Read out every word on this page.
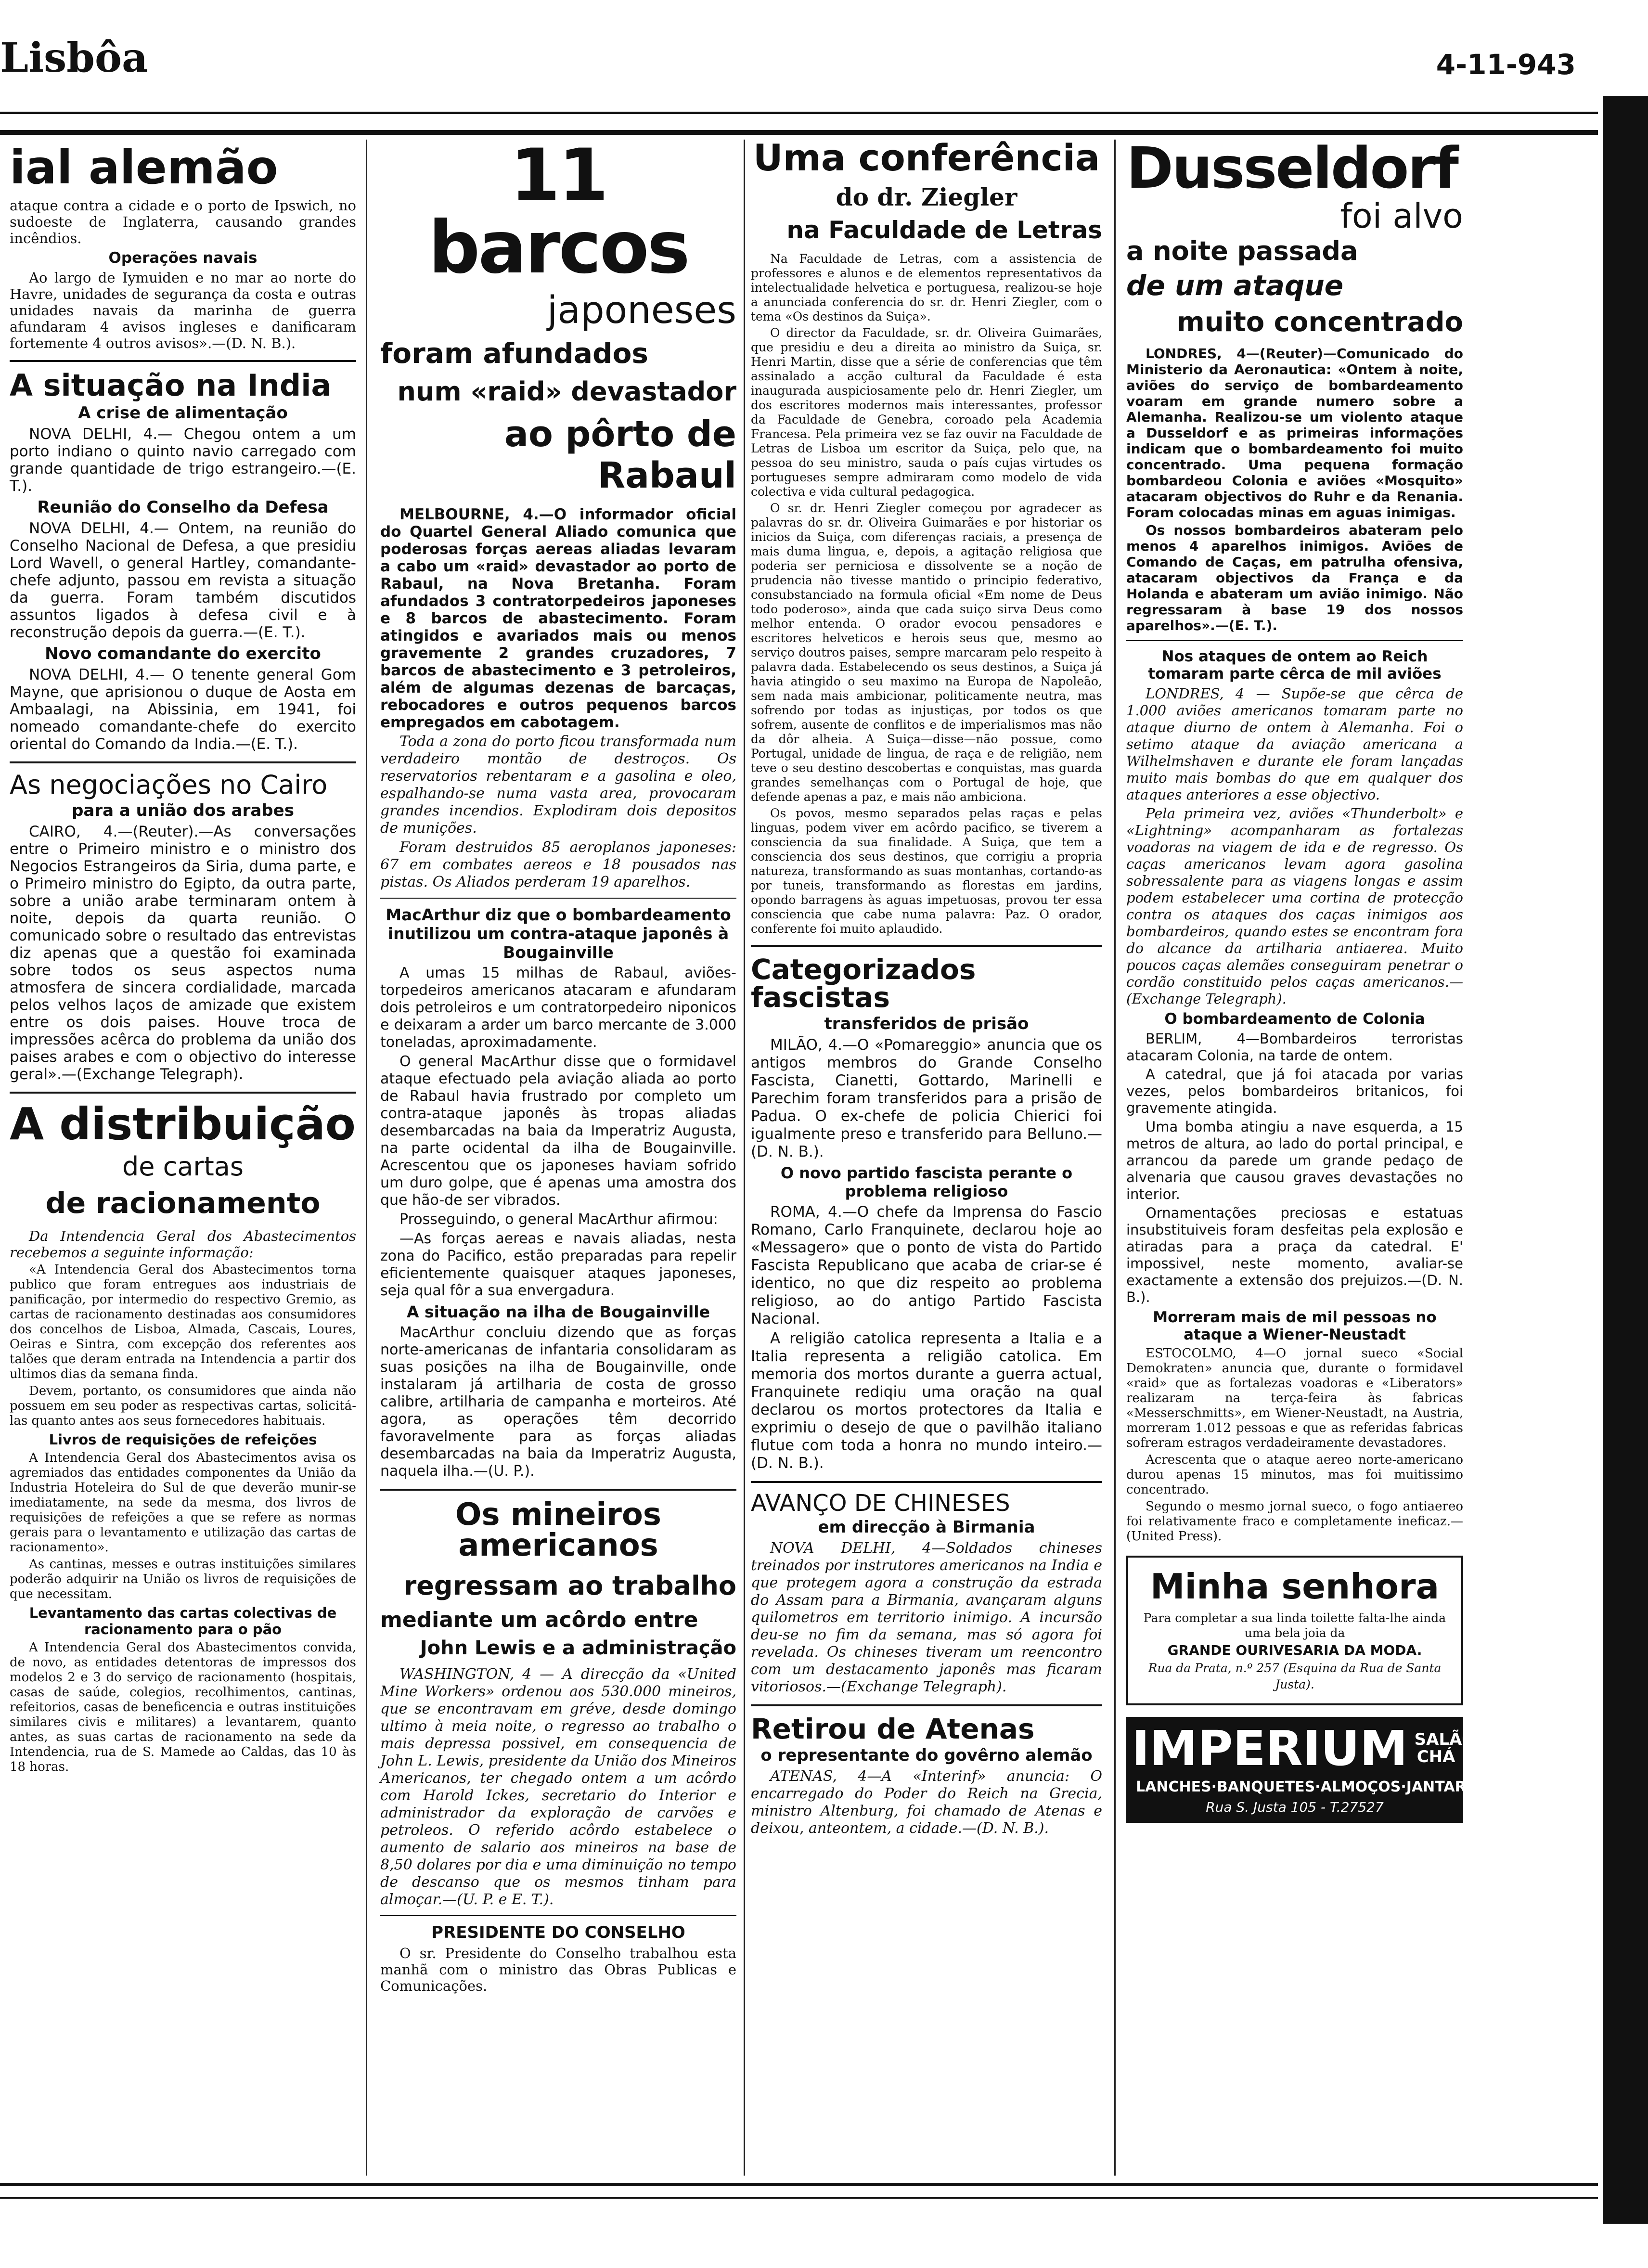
Lisbôa	4-11-943
ial alemão

ataque contra a cidade e o porto de Ipswich, no sudoeste de Inglaterra, causando grandes incêndios.

Operações navais

Ao largo de Iymuiden e no mar ao norte do Havre, unidades de segurança da costa e outras unidades navais da marinha de guerra afundaram 4 avisos ingleses e danificaram fortemente 4 outros avisos».—(D. N. B.).

A situação na India
A crise de alimentação

NOVA DELHI, 4.— Chegou ontem a um porto indiano o quinto navio carregado com grande quantidade de trigo estrangeiro.—(E. T.).

Reunião do Conselho da Defesa

NOVA DELHI, 4.— Ontem, na reunião do Conselho Nacional de Defesa, a que presidiu Lord Wavell, o general Hartley, comandante-chefe adjunto, passou em revista a situação da guerra. Foram também discutidos assuntos ligados à defesa civil e à reconstrução depois da guerra.—(E. T.).

Novo comandante do exercito

NOVA DELHI, 4.— O tenente general Gom Mayne, que aprisionou o duque de Aosta em Ambaalagi, na Abissinia, em 1941, foi nomeado comandante-chefe do exercito oriental do Comando da India.—(E. T.).

As negociações no Cairo
para a união dos arabes

CAIRO, 4.—(Reuter).—As conversações entre o Primeiro ministro e o ministro dos Negocios Estrangeiros da Siria, duma parte, e o Primeiro ministro do Egipto, da outra parte, sobre a união arabe terminaram ontem à noite, depois da quarta reunião. O comunicado sobre o resultado das entrevistas diz apenas que a questão foi examinada sobre todos os seus aspectos numa atmosfera de sincera cordialidade, marcada pelos velhos laços de amizade que existem entre os dois paises. Houve troca de impressões acêrca do problema da união dos paises arabes e com o objectivo do interesse geral».—(Exchange Telegraph).

A distribuição
de cartas
de racionamento

Da Intendencia Geral dos Abastecimentos recebemos a seguinte informação:

«A Intendencia Geral dos Abastecimentos torna publico que foram entregues aos industriais de panificação, por intermedio do respectivo Gremio, as cartas de racionamento destinadas aos consumidores dos concelhos de Lisboa, Almada, Cascais, Loures, Oeiras e Sintra, com excepção dos referentes aos talões que deram entrada na Intendencia a partir dos ultimos dias da semana finda.

Devem, portanto, os consumidores que ainda não possuem em seu poder as respectivas cartas, solicitá-las quanto antes aos seus fornecedores habituais.

Livros de requisições de refeições

A Intendencia Geral dos Abastecimentos avisa os agremiados das entidades componentes da União da Industria Hoteleira do Sul de que deverão munir-se imediatamente, na sede da mesma, dos livros de requisições de refeições a que se refere as normas gerais para o levantamento e utilização das cartas de racionamento».

As cantinas, messes e outras instituições similares poderão adquirir na União os livros de requisições de que necessitam.

Levantamento das cartas colectivas de racionamento para o pão

A Intendencia Geral dos Abastecimentos convida, de novo, as entidades detentoras de impressos dos modelos 2 e 3 do serviço de racionamento (hospitais, casas de saúde, colegios, recolhimentos, cantinas, refeitorios, casas de beneficencia e outras instituições similares civis e militares) a levantarem, quanto antes, as suas cartas de racionamento na sede da Intendencia, rua de S. Mamede ao Caldas, das 10 às 18 horas.

11 barcos
japoneses
foram afundados
num «raid» devastador
ao pôrto de Rabaul

MELBOURNE, 4.—O informador oficial do Quartel General Aliado comunica que poderosas forças aereas aliadas levaram a cabo um «raid» devastador ao porto de Rabaul, na Nova Bretanha. Foram afundados 3 contratorpedeiros japoneses e 8 barcos de abastecimento. Foram atingidos e avariados mais ou menos gravemente 2 grandes cruzadores, 7 barcos de abastecimento e 3 petroleiros, além de algumas dezenas de barcaças, rebocadores e outros pequenos barcos empregados em cabotagem.

Toda a zona do porto ficou transformada num verdadeiro montão de destroços. Os reservatorios rebentaram e a gasolina e oleo, espalhando-se numa vasta area, provocaram grandes incendios. Explodiram dois depositos de munições.

Foram destruidos 85 aeroplanos japoneses: 67 em combates aereos e 18 pousados nas pistas. Os Aliados perderam 19 aparelhos.

MacArthur diz que o bombardeamento inutilizou um contra-ataque japonês à Bougainville

A umas 15 milhas de Rabaul, aviões-torpedeiros americanos atacaram e afundaram dois petroleiros e um contratorpedeiro niponicos e deixaram a arder um barco mercante de 3.000 toneladas, aproximadamente.

O general MacArthur disse que o formidavel ataque efectuado pela aviação aliada ao porto de Rabaul havia frustrado por completo um contra-ataque japonês às tropas aliadas desembarcadas na baia da Imperatriz Augusta, na parte ocidental da ilha de Bougainville. Acrescentou que os japoneses haviam sofrido um duro golpe, que é apenas uma amostra dos que hão-de ser vibrados.

Prosseguindo, o general MacArthur afirmou:

—As forças aereas e navais aliadas, nesta zona do Pacifico, estão preparadas para repelir eficientemente quaisquer ataques japoneses, seja qual fôr a sua envergadura.

A situação na ilha de Bougainville

MacArthur concluiu dizendo que as forças norte-americanas de infantaria consolidaram as suas posições na ilha de Bougainville, onde instalaram já artilharia de costa de grosso calibre, artilharia de campanha e morteiros. Até agora, as operações têm decorrido favoravelmente para as forças aliadas desembarcadas na baia da Imperatriz Augusta, naquela ilha.—(U. P.).

Os mineiros americanos
regressam ao trabalho
mediante um acôrdo entre
John Lewis e a administração

WASHINGTON, 4 — A direcção da «United Mine Workers» ordenou aos 530.000 mineiros, que se encontravam em gréve, desde domingo ultimo à meia noite, o regresso ao trabalho o mais depressa possivel, em consequencia de John L. Lewis, presidente da União dos Mineiros Americanos, ter chegado ontem a um acôrdo com Harold Ickes, secretario do Interior e administrador da exploração de carvões e petroleos. O referido acôrdo estabelece o aumento de salario aos mineiros na base de 8,50 dolares por dia e uma diminuição no tempo de descanso que os mesmos tinham para almoçar.—(U. P. e E. T.).

PRESIDENTE DO CONSELHO

O sr. Presidente do Conselho trabalhou esta manhã com o ministro das Obras Publicas e Comunicações.

Uma conferência
do dr. Ziegler
na Faculdade de Letras

Na Faculdade de Letras, com a assistencia de professores e alunos e de elementos representativos da intelectualidade helvetica e portuguesa, realizou-se hoje a anunciada conferencia do sr. dr. Henri Ziegler, com o tema «Os destinos da Suiça».

O director da Faculdade, sr. dr. Oliveira Guimarães, que presidiu e deu a direita ao ministro da Suiça, sr. Henri Martin, disse que a série de conferencias que têm assinalado a acção cultural da Faculdade é esta inaugurada auspiciosamente pelo dr. Henri Ziegler, um dos escritores modernos mais interessantes, professor da Faculdade de Genebra, coroado pela Academia Francesa. Pela primeira vez se faz ouvir na Faculdade de Letras de Lisboa um escritor da Suiça, pelo que, na pessoa do seu ministro, sauda o país cujas virtudes os portugueses sempre admiraram como modelo de vida colectiva e vida cultural pedagogica.

O sr. dr. Henri Ziegler começou por agradecer as palavras do sr. dr. Oliveira Guimarães e por historiar os inicios da Suiça, com diferenças raciais, a presença de mais duma lingua, e, depois, a agitação religiosa que poderia ser perniciosa e dissolvente se a noção de prudencia não tivesse mantido o principio federativo, consubstanciado na formula oficial «Em nome de Deus todo poderoso», ainda que cada suiço sirva Deus como melhor entenda. O orador evocou pensadores e escritores helveticos e herois seus que, mesmo ao serviço doutros paises, sempre marcaram pelo respeito à palavra dada. Estabelecendo os seus destinos, a Suiça já havia atingido o seu maximo na Europa de Napoleão, sem nada mais ambicionar, politicamente neutra, mas sofrendo por todas as injustiças, por todos os que sofrem, ausente de conflitos e de imperialismos mas não da dôr alheia. A Suiça—disse—não possue, como Portugal, unidade de lingua, de raça e de religião, nem teve o seu destino descobertas e conquistas, mas guarda grandes semelhanças com o Portugal de hoje, que defende apenas a paz, e mais não ambiciona.

Os povos, mesmo separados pelas raças e pelas linguas, podem viver em acôrdo pacifico, se tiverem a consciencia da sua finalidade. A Suiça, que tem a consciencia dos seus destinos, que corrigiu a propria natureza, transformando as suas montanhas, cortando-as por tuneis, transformando as florestas em jardins, opondo barragens às aguas impetuosas, provou ter essa consciencia que cabe numa palavra: Paz. O orador, conferente foi muito aplaudido.

Categorizados fascistas
transferidos de prisão

MILÃO, 4.—O «Pomareggio» anuncia que os antigos membros do Grande Conselho Fascista, Cianetti, Gottardo, Marinelli e Parechim foram transferidos para a prisão de Padua. O ex-chefe de policia Chierici foi igualmente preso e transferido para Belluno.—(D. N. B.).

O novo partido fascista perante o problema religioso

ROMA, 4.—O chefe da Imprensa do Fascio Romano, Carlo Franquinete, declarou hoje ao «Messagero» que o ponto de vista do Partido Fascista Republicano que acaba de criar-se é identico, no que diz respeito ao problema religioso, ao do antigo Partido Fascista Nacional.

A religião catolica representa a Italia e a Italia representa a religião catolica. Em memoria dos mortos durante a guerra actual, Franquinete rediqiu uma oração na qual declarou os mortos protectores da Italia e exprimiu o desejo de que o pavilhão italiano flutue com toda a honra no mundo inteiro.—(D. N. B.).

AVANÇO DE CHINESES
em direcção à Birmania

NOVA DELHI, 4—Soldados chineses treinados por instrutores americanos na India e que protegem agora a construção da estrada do Assam para a Birmania, avançaram alguns quilometros em territorio inimigo. A incursão deu-se no fim da semana, mas só agora foi revelada. Os chineses tiveram um reencontro com um destacamento japonês mas ficaram vitoriosos.—(Exchange Telegraph).

Retirou de Atenas
o representante do govêrno alemão

ATENAS, 4—A «Interinf» anuncia: O encarregado do Poder do Reich na Grecia, ministro Altenburg, foi chamado de Atenas e deixou, anteontem, a cidade.—(D. N. B.).

Dusseldorf
foi alvo
a noite passada
de um ataque
muito concentrado

LONDRES, 4—(Reuter)—Comunicado do Ministerio da Aeronautica: «Ontem à noite, aviões do serviço de bombardeamento voaram em grande numero sobre a Alemanha. Realizou-se um violento ataque a Dusseldorf e as primeiras informações indicam que o bombardeamento foi muito concentrado. Uma pequena formação bombardeou Colonia e aviões «Mosquito» atacaram objectivos do Ruhr e da Renania. Foram colocadas minas em aguas inimigas.

Os nossos bombardeiros abateram pelo menos 4 aparelhos inimigos. Aviões de Comando de Caças, em patrulha ofensiva, atacaram objectivos da França e da Holanda e abateram um avião inimigo. Não regressaram à base 19 dos nossos aparelhos».—(E. T.).

Nos ataques de ontem ao Reich tomaram parte cêrca de mil aviões

LONDRES, 4 — Supõe-se que cêrca de 1.000 aviões americanos tomaram parte no ataque diurno de ontem à Alemanha. Foi o setimo ataque da aviação americana a Wilhelmshaven e durante ele foram lançadas muito mais bombas do que em qualquer dos ataques anteriores a esse objectivo.

Pela primeira vez, aviões «Thunderbolt» e «Lightning» acompanharam as fortalezas voadoras na viagem de ida e de regresso. Os caças americanos levam agora gasolina sobressalente para as viagens longas e assim podem estabelecer uma cortina de protecção contra os ataques dos caças inimigos aos bombardeiros, quando estes se encontram fora do alcance da artilharia antiaerea. Muito poucos caças alemães conseguiram penetrar o cordão constituido pelos caças americanos.—(Exchange Telegraph).

O bombardeamento de Colonia

BERLIM, 4—Bombardeiros terroristas atacaram Colonia, na tarde de ontem.

A catedral, que já foi atacada por varias vezes, pelos bombardeiros britanicos, foi gravemente atingida.

Uma bomba atingiu a nave esquerda, a 15 metros de altura, ao lado do portal principal, e arrancou da parede um grande pedaço de alvenaria que causou graves devastações no interior.

Ornamentações preciosas e estatuas insubstituiveis foram desfeitas pela explosão e atiradas para a praça da catedral. E' impossivel, neste momento, avaliar-se exactamente a extensão dos prejuizos.—(D. N. B.).

Morreram mais de mil pessoas no ataque a Wiener-Neustadt

ESTOCOLMO, 4—O jornal sueco «Social Demokraten» anuncia que, durante o formidavel «raid» que as fortalezas voadoras e «Liberators» realizaram na terça-feira às fabricas «Messerschmitts», em Wiener-Neustadt, na Austria, morreram 1.012 pessoas e que as referidas fabricas sofreram estragos verdadeiramente devastadores.

Acrescenta que o ataque aereo norte-americano durou apenas 15 minutos, mas foi muitissimo concentrado.

Segundo o mesmo jornal sueco, o fogo antiaereo foi relativamente fraco e completamente ineficaz.—(United Press).

Minha senhora

Para completar a sua linda toilette falta-lhe ainda uma bela joia da

GRANDE OURIVESARIA DA MODA.

Rua da Prata, n.º 257 (Esquina da Rua de Santa Justa).

IMPERIUM SALÃO CHÁ
LANCHES·BANQUETES·ALMOÇOS·JANTARES
Rua S. Justa 105 - T.27527
